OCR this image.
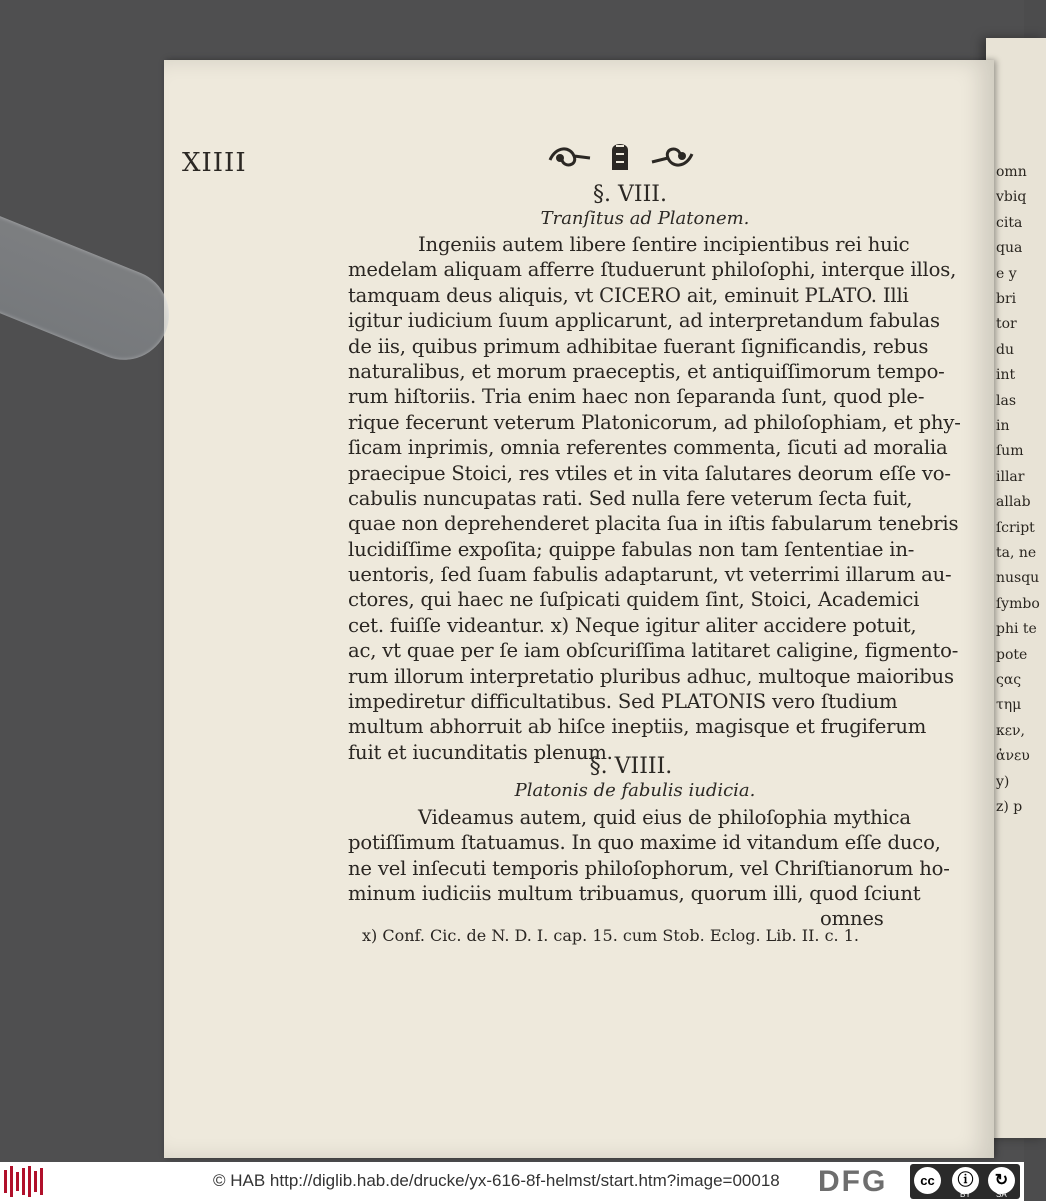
omn
vbiq
cita
qua
e y
bri
tor
du
int
las
in
ſum
illar
allab
ſcript
ta, ne
nusqu
ſymbo
phi te
pote
ςας
τημ
κεν,
ἀνευ
y)
z) p
XIIII
§. VIII.
Tranſitus ad Platonem.
Ingeniis autem libere ſentire incipientibus rei huic
medelam aliquam afferre ſtuduerunt philoſophi, interque illos,
tamquam deus aliquis, vt CICERO ait, eminuit PLATO. Illi
igitur iudicium ſuum applicarunt, ad interpretandum fabulas
de iis, quibus primum adhibitae fuerant ſignificandis, rebus
naturalibus, et morum praeceptis, et antiquiſſimorum tempo-
rum hiſtoriis. Tria enim haec non ſeparanda ſunt, quod ple-
rique fecerunt veterum Platonicorum, ad philoſophiam, et phy-
ſicam inprimis, omnia referentes commenta, ſicuti ad moralia
praecipue Stoici, res vtiles et in vita ſalutares deorum eſſe vo-
cabulis nuncupatas rati. Sed nulla fere veterum ſecta fuit,
quae non deprehenderet placita ſua in iſtis fabularum tenebris
lucidiſſime expoſita; quippe fabulas non tam ſententiae in-
uentoris, ſed ſuam fabulis adaptarunt, vt veterrimi illarum au-
ctores, qui haec ne ſuſpicati quidem ſint, Stoici, Academici
cet. fuiſſe videantur. x) Neque igitur aliter accidere potuit,
ac, vt quae per ſe iam obſcuriſſima latitaret caligine, figmento-
rum illorum interpretatio pluribus adhuc, multoque maioribus
impediretur difficultatibus. Sed PLATONIS vero ſtudium
multum abhorruit ab hiſce ineptiis, magisque et frugiferum
fuit et iucunditatis plenum.
§. VIIII.
Platonis de fabulis iudicia.
Videamus autem, quid eius de philoſophia mythica
potiſſimum ſtatuamus. In quo maxime id vitandum eſſe duco,
ne vel inſecuti temporis philoſophorum, vel Chriſtianorum ho-
minum iudiciis multum tribuamus, quorum illi, quod ſciunt
omnes
x) Conf. Cic. de N. D. I. cap. 15. cum Stob. Eclog. Lib. II. c. 1.
© HAB http://diglib.hab.de/drucke/yx-616-8f-helmst/start.htm?image=00018 DFG	cc	ⓘ	↻
BY	SA
